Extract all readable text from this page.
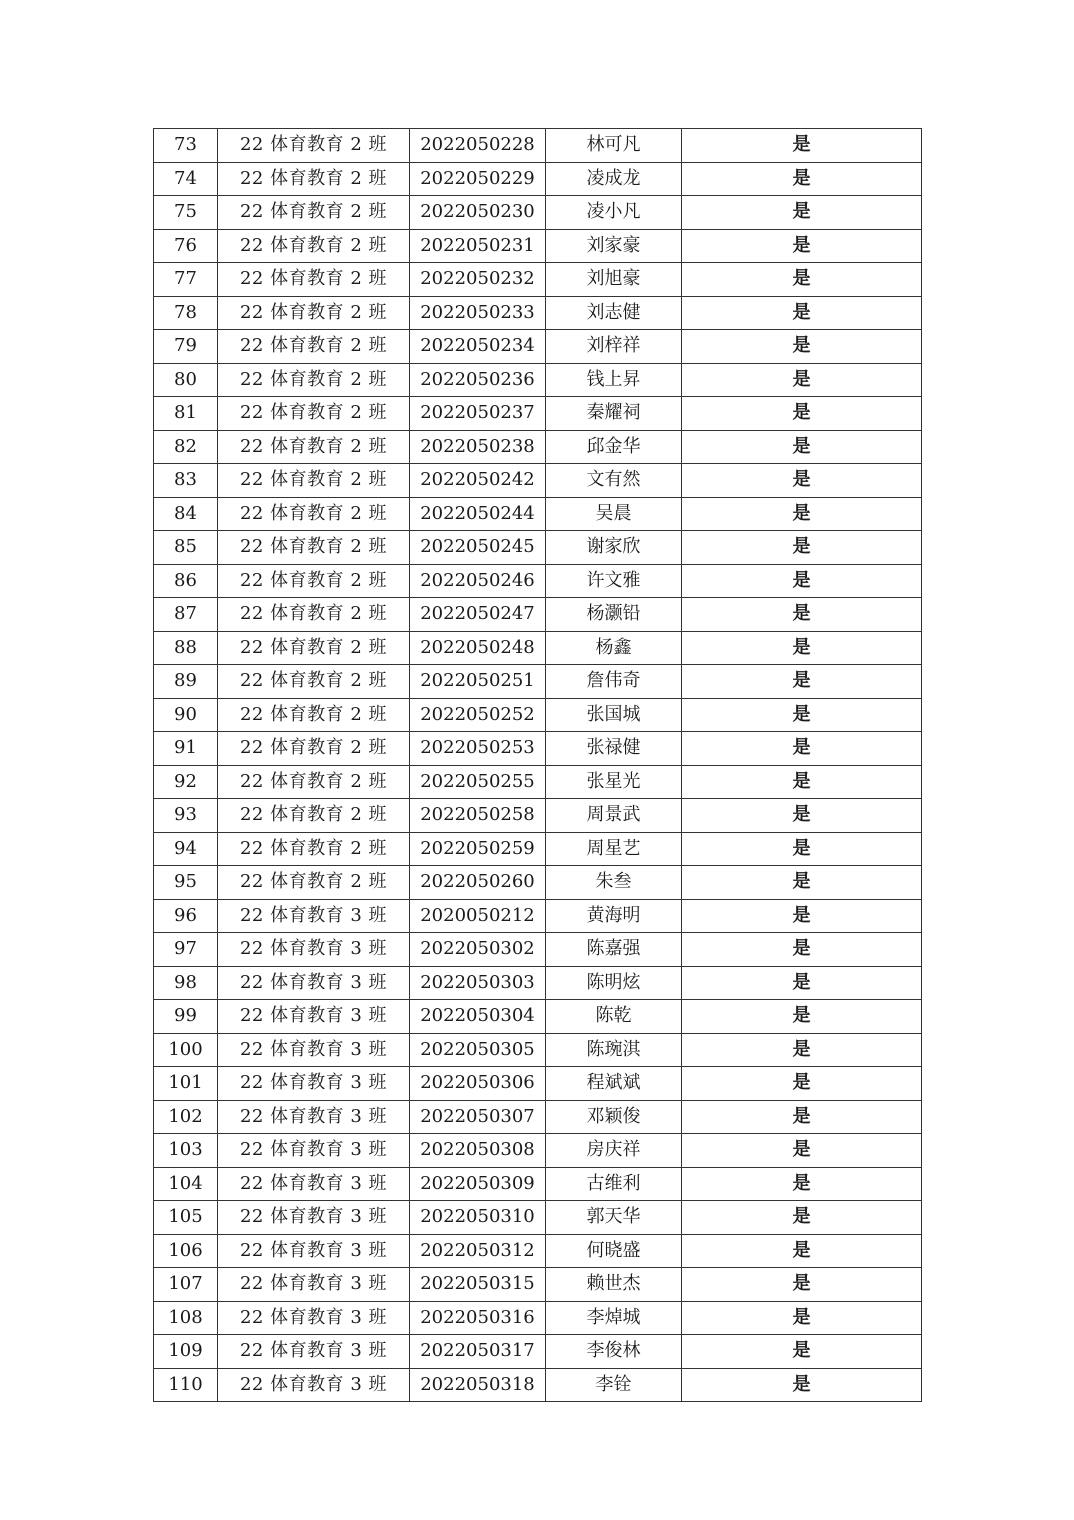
73	22 体育教育 2 班	2022050228	林可凡	是
74	22 体育教育 2 班	2022050229	凌成龙	是
75	22 体育教育 2 班	2022050230	凌小凡	是
76	22 体育教育 2 班	2022050231	刘家豪	是
77	22 体育教育 2 班	2022050232	刘旭豪	是
78	22 体育教育 2 班	2022050233	刘志健	是
79	22 体育教育 2 班	2022050234	刘梓祥	是
80	22 体育教育 2 班	2022050236	钱上昇	是
81	22 体育教育 2 班	2022050237	秦耀祠	是
82	22 体育教育 2 班	2022050238	邱金华	是
83	22 体育教育 2 班	2022050242	文有然	是
84	22 体育教育 2 班	2022050244	吴晨	是
85	22 体育教育 2 班	2022050245	谢家欣	是
86	22 体育教育 2 班	2022050246	许文雅	是
87	22 体育教育 2 班	2022050247	杨灏铅	是
88	22 体育教育 2 班	2022050248	杨鑫	是
89	22 体育教育 2 班	2022050251	詹伟奇	是
90	22 体育教育 2 班	2022050252	张国城	是
91	22 体育教育 2 班	2022050253	张禄健	是
92	22 体育教育 2 班	2022050255	张星光	是
93	22 体育教育 2 班	2022050258	周景武	是
94	22 体育教育 2 班	2022050259	周星艺	是
95	22 体育教育 2 班	2022050260	朱叁	是
96	22 体育教育 3 班	2020050212	黄海明	是
97	22 体育教育 3 班	2022050302	陈嘉强	是
98	22 体育教育 3 班	2022050303	陈明炫	是
99	22 体育教育 3 班	2022050304	陈乾	是
100	22 体育教育 3 班	2022050305	陈琬淇	是
101	22 体育教育 3 班	2022050306	程斌斌	是
102	22 体育教育 3 班	2022050307	邓颖俊	是
103	22 体育教育 3 班	2022050308	房庆祥	是
104	22 体育教育 3 班	2022050309	古维利	是
105	22 体育教育 3 班	2022050310	郭天华	是
106	22 体育教育 3 班	2022050312	何晓盛	是
107	22 体育教育 3 班	2022050315	赖世杰	是
108	22 体育教育 3 班	2022050316	李焯城	是
109	22 体育教育 3 班	2022050317	李俊林	是
110	22 体育教育 3 班	2022050318	李铨	是
